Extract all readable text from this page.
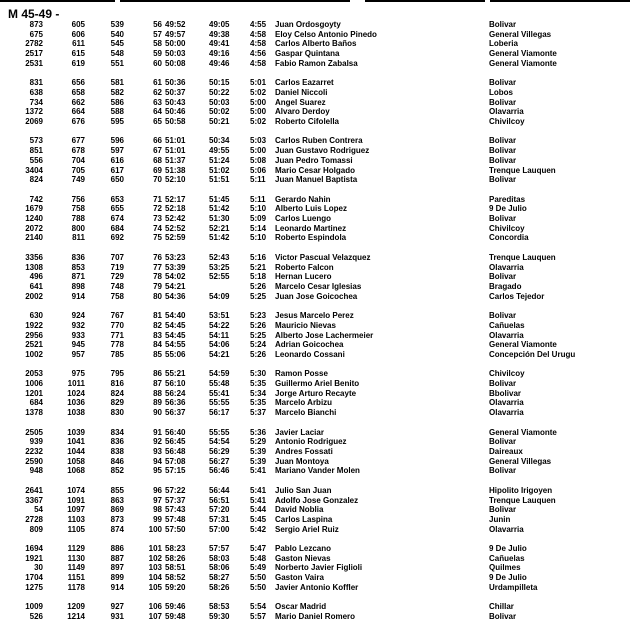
M 45-49 -
873	605	539	56 49:52	49:05	4:55 Juan Ordosgoyty	Bolivar
675	606	540	57 49:57	49:38	4:58 Eloy Celso Antonio Pinedo	General Villegas
2782	611	545	58 50:00	49:41	4:58 Carlos Alberto Baños	Loberia
2517	615	548	59 50:03	49:16	4:56 Gaspar Quintana	General Viamonte
2531	619	551	60 50:08	49:46	4:58 Fabio Ramon Zabalsa	General Viamonte
831	656	581	61 50:36	50:15	5:01 Carlos Eazarret	Bolivar
638	658	582	62 50:37	50:22	5:02 Daniel Niccoli	Lobos
734	662	586	63 50:43	50:03	5:00 Angel Suarez	Bolivar
1372	664	588	64 50:46	50:02	5:00 Alvaro Derdoy	Olavarria
2069	676	595	65 50:58	50:21	5:02 Roberto Cifolella	Chivilcoy
573	677	596	66 51:01	50:34	5:03 Carlos Ruben Contrera	Bolivar
851	678	597	67 51:01	49:55	5:00 Juan Gustavo Rodriguez	Bolivar
556	704	616	68 51:37	51:24	5:08 Juan Pedro Tomassi	Bolivar
3404	705	617	69 51:38	51:02	5:06 Mario Cesar Holgado	Trenque Lauquen
824	749	650	70 52:10	51:51	5:11 Juan Manuel Baptista	Bolivar
742	756	653	71 52:17	51:45	5:11 Gerardo Nahin	Pareditas
1679	758	655	72 52:18	51:42	5:10 Alberto Luis Lopez	9 De Julio
1240	788	674	73 52:42	51:30	5:09 Carlos Luengo	Bolivar
2072	800	684	74 52:52	52:21	5:14 Leonardo Martinez	Chivilcoy
2140	811	692	75 52:59	51:42	5:10 Roberto Espindola	Concordia
3356	836	707	76 53:23	52:43	5:16 Victor Pascual Velazquez	Trenque Lauquen
1308	853	719	77 53:39	53:25	5:21 Roberto Falcon	Olavarria
496	871	729	78 54:02	52:55	5:18 Hernan Lucero	Bolivar
641	898	748	79 54:21	5:26 Marcelo Cesar Iglesias	Bragado
2002	914	758	80 54:36	54:09	5:25 Juan Jose Goicochea	Carlos Tejedor
630	924	767	81 54:40	53:51	5:23 Jesus Marcelo Perez	Bolivar
1922	932	770	82 54:45	54:22	5:26 Mauricio Nievas	Cañuelas
2956	933	771	83 54:45	54:11	5:25 Alberto Jose Lachermeier	Olavarria
2521	945	778	84 54:55	54:06	5:24 Adrian Goicochea	General Viamonte
1002	957	785	85 55:06	54:21	5:26 Leonardo Cossani	Concepción Del Urugu
2053	975	795	86 55:21	54:59	5:30 Ramon Posse	Chivilcoy
1006	1011	816	87 56:10	55:48	5:35 Guillermo Ariel Benito	Bolivar
1201	1024	824	88 56:24	55:41	5:34 Jorge Arturo Recayte	Bbolivar
684	1036	829	89 56:36	55:55	5:35 Marcelo Arbizu	Olavarria
1378	1038	830	90 56:37	56:17	5:37 Marcelo Bianchi	Olavarria
2505	1039	834	91 56:40	55:55	5:36 Javier Laciar	General Viamonte
939	1041	836	92 56:45	54:54	5:29 Antonio Rodriguez	Bolivar
2232	1044	838	93 56:48	56:29	5:39 Andres Fossati	Daireaux
2590	1058	846	94 57:08	56:27	5:39 Juan Montoya	General Villegas
948	1068	852	95 57:15	56:46	5:41 Mariano Vander Molen	Bolivar
2641	1074	855	96 57:22	56:44	5:41 Julio San Juan	Hipolito Irigoyen
3367	1091	863	97 57:37	56:51	5:41 Adolfo Jose Gonzalez	Trenque Lauquen
54	1097	869	98 57:43	57:20	5:44 David Noblia	Bolivar
2728	1103	873	99 57:48	57:31	5:45 Carlos Laspina	Junin
809	1105	874	100 57:50	57:00	5:42 Sergio Ariel Ruiz	Olavarria
1694	1129	886	101 58:23	57:57	5:47 Pablo Lezcano	9 De Julio
1921	1130	887	102 58:26	58:03	5:48 Gaston Nievas	Cañuelas
30	1149	897	103 58:51	58:06	5:49 Norberto Javier Figlioli	Quilmes
1704	1151	899	104 58:52	58:27	5:50 Gaston Vaira	9 De Julio
1275	1178	914	105 59:20	58:26	5:50 Javier Antonio Koffler	Urdampilleta
1009	1209	927	106 59:46	58:53	5:54 Oscar Madrid	Chillar
526	1214	931	107 59:48	59:30	5:57 Mario Daniel Romero	Bolivar
